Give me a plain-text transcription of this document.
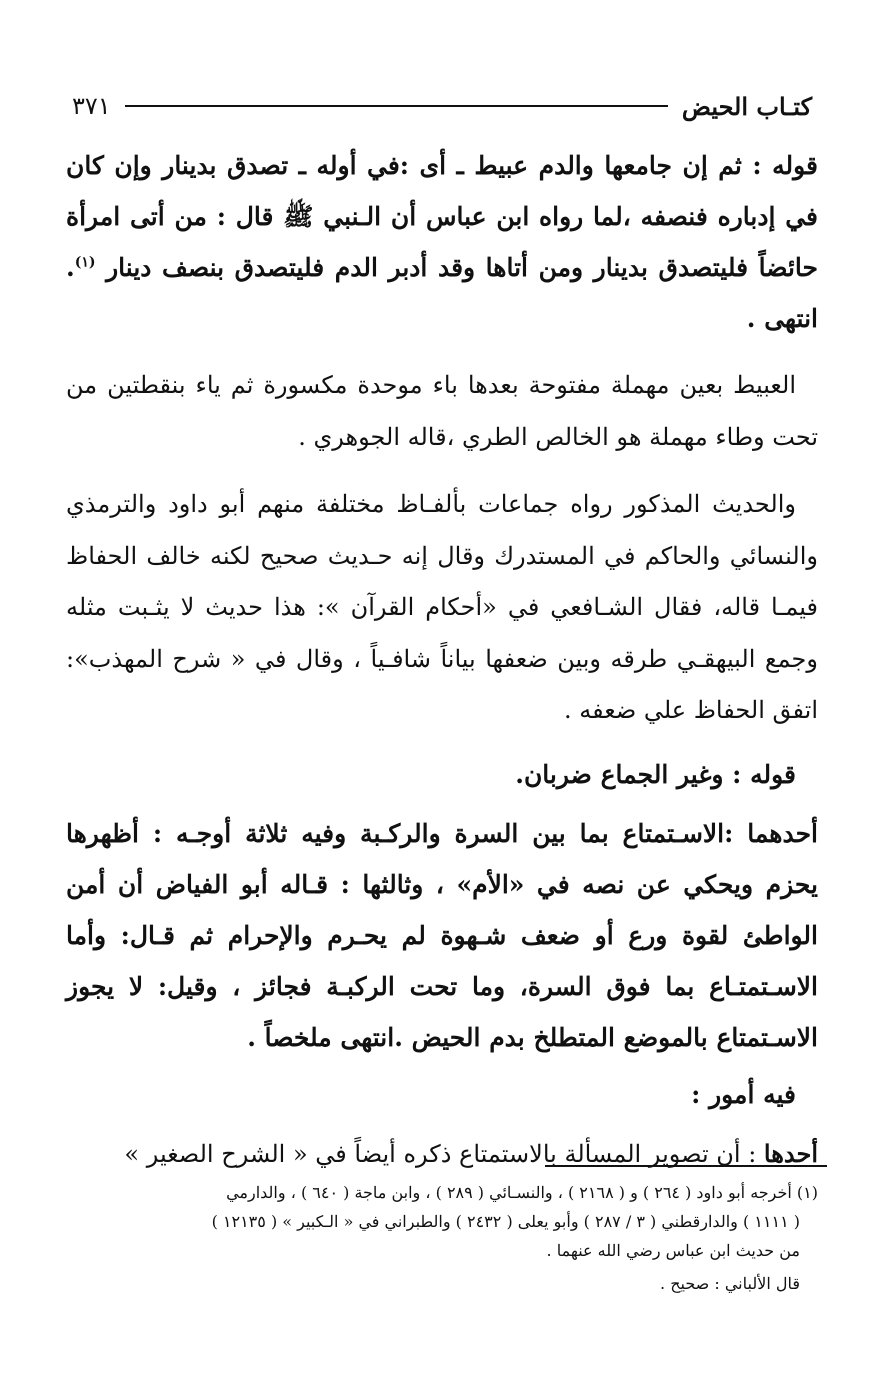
كتـاب الحيض
٣٧١

قوله : ثم إن جامعها والدم عبيط ـ أى :في أوله ـ تصدق بدينار وإن كان في إدباره فنصفه ،لما رواه ابن عباس أن الـنبي ﷺ قال : من أتى امرأة حائضاً فليتصدق بدينار ومن أتاها وقد أدبر الدم فليتصدق بنصف دينار $^{(١)}$. انتهى .

العبيط بعين مهملة مفتوحة بعدها باء موحدة مكسورة ثم ياء بنقطتين من تحت وطاء مهملة هو الخالص الطري ،قاله الجوهري .

والحديث المذكور رواه جماعات بألفـاظ مختلفة منهم أبو داود والترمذي والنسائي والحاكم في المستدرك وقال إنه حـديث صحيح لكنه خالف الحفاظ فيمـا قاله، فقال الشـافعي في «أحكام القرآن »: هذا حديث لا يثـبت مثله وجمع البيهقـي طرقه وبين ضعفها بياناً شافـياً ، وقال في « شرح المهذب»: اتفق الحفاظ علي ضعفه .

قوله : وغير الجماع ضربان.

أحدهما :الاسـتمتاع بما بين السرة والركـبة وفيه ثلاثة أوجـه : أظهرها يحزم ويحكي عن نصه في «الأم» ، وثالثها : قـاله أبو الفياض أن أمن الواطئ لقوة ورع أو ضعف شـهوة لم يحـرم والإحرام ثم قـال: وأما الاسـتمتـاع بما فوق السرة، وما تحت الركبـة فجائز ، وقيل: لا يجوز الاسـتمتاع بالموضع المتطلخ بدم الحيض .انتهى ملخصاً .

فيه أمور :

أحدها : أن تصوير المسألة بالاستمتاع ذكره أيضاً في « الشرح الصغير »

(١) أخرجه أبو داود ( ٢٦٤ ) و ( ٢١٦٨ ) ، والنسـائي ( ٢٨٩ ) ، وابن ماجة ( ٦٤٠ ) ، والدارمي

( ١١١١ ) والدارقطني ( ٣ / ٢٨٧ ) وأبو يعلى ( ٢٤٣٢ ) والطبراني في « الـكبير » ( ١٢١٣٥ )

من حديث ابن عباس رضي الله عنهما .

قال الألباني : صحيح .
